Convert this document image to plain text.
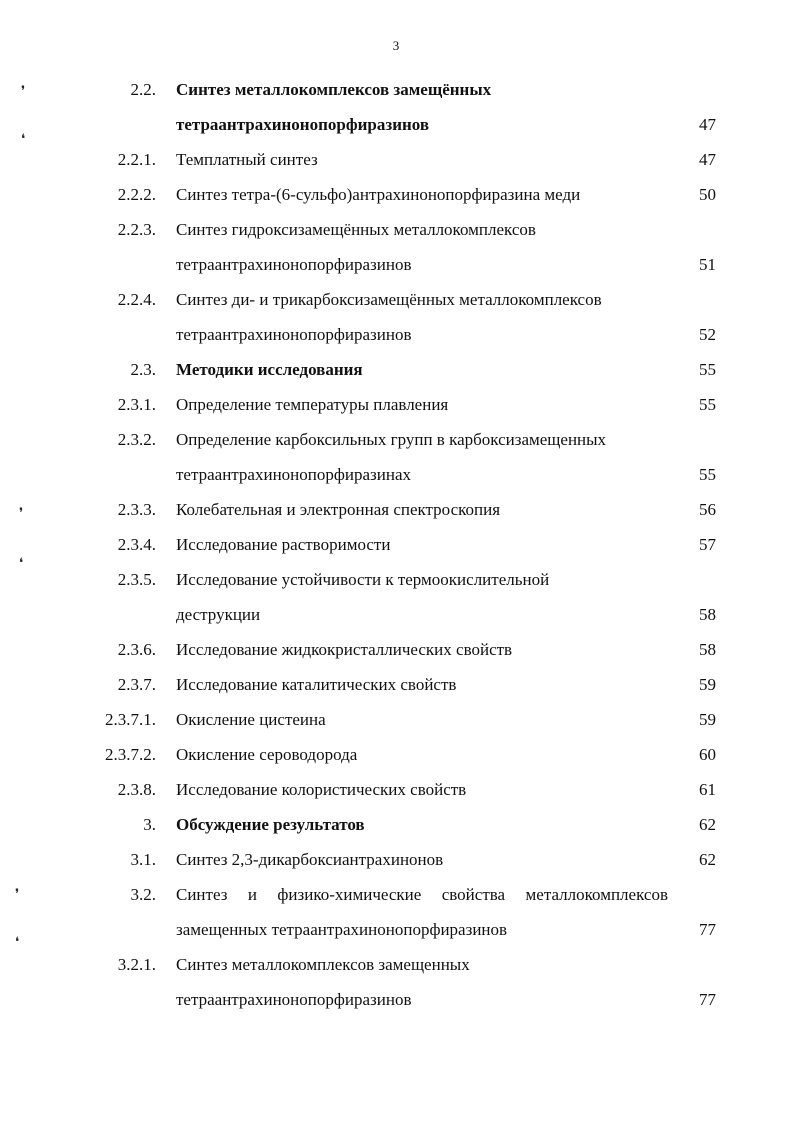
3
❜
❛
❜
❛
❜
❛
2.2. Синтез металлокомплексов замещённых
тетраантрахинонопорфиразинов	47
2.2.1. Темплатный синтез	47
2.2.2. Синтез тетра-(6-сульфо)антрахинонопорфиразина меди	50
2.2.3. Синтез гидроксизамещённых металлокомплексов
тетраантрахинонопорфиразинов	51
2.2.4. Синтез ди- и трикарбоксизамещённых металлокомплексов
тетраантрахинонопорфиразинов	52
2.3. Методики исследования	55
2.3.1. Определение температуры плавления	55
2.3.2. Определение карбоксильных групп в карбоксизамещенных
тетраантрахинонопорфиразинах	55
2.3.3. Колебательная и электронная спектроскопия	56
2.3.4. Исследование растворимости	57
2.3.5. Исследование устойчивости к термоокислительной
деструкции	58
2.3.6. Исследование жидкокристаллических свойств	58
2.3.7. Исследование каталитических свойств	59
2.3.7.1. Окисление цистеина	59
2.3.7.2. Окисление сероводорода	60
2.3.8. Исследование колористических свойств	61
3. Обсуждение результатов	62
3.1. Синтез 2,3-дикарбоксиантрахинонов	62
3.2. Синтез и физико-химические свойства металлокомплексов
замещенных тетраантрахинонопорфиразинов	77
3.2.1. Синтез металлокомплексов замещенных
тетраантрахинонопорфиразинов	77
